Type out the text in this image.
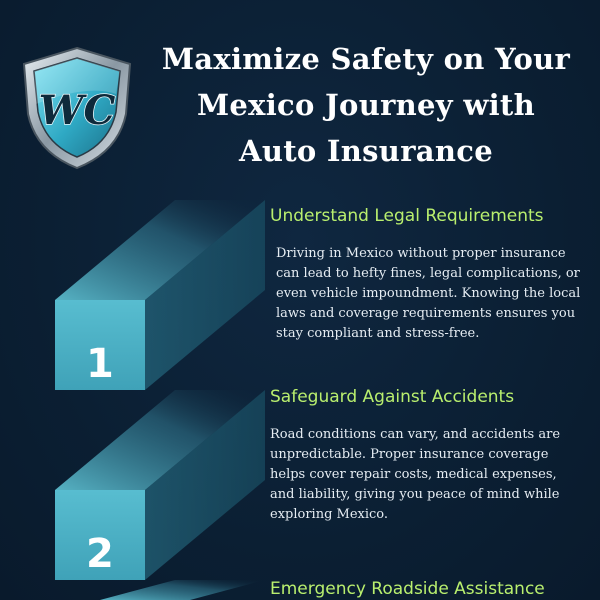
WC
Maximize Safety on Your
Mexico Journey with
Auto Insurance
1
2
Understand Legal Requirements
Driving in Mexico without proper insurance can lead to hefty fines, legal complications, or even vehicle impoundment. Knowing the local laws and coverage requirements ensures you stay compliant and stress-free.
Safeguard Against Accidents
Road conditions can vary, and accidents are unpredictable. Proper insurance coverage helps cover repair costs, medical expenses, and liability, giving you peace of mind while exploring Mexico.
Emergency Roadside Assistance
